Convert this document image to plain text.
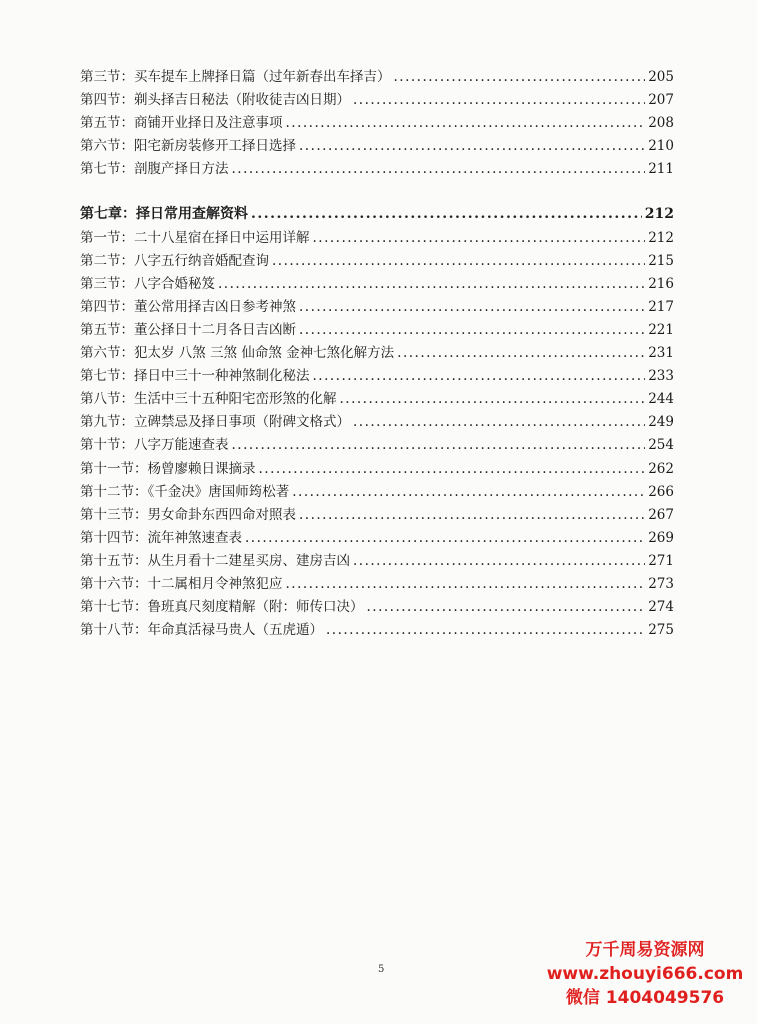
第三节：买车提车上牌择日篇（过年新春出车择吉） .....	205
第四节：剃头择吉日秘法（附收徒吉凶日期） .....	207
第五节：商铺开业择日及注意事项 .....	208
第六节：阳宅新房装修开工择日选择 .....	210
第七节：剖腹产择日方法 .....	211
第七章：择日常用查解资料 .....	212
第一节：二十八星宿在择日中运用详解 .....	212
第二节：八字五行纳音婚配查询 .....	215
第三节：八字合婚秘笈 .....	216
第四节：董公常用择吉凶日参考神煞 .....	217
第五节：董公择日十二月各日吉凶断 .....	221
第六节：犯太岁 八煞 三煞 仙命煞 金神七煞化解方法 .....	231
第七节：择日中三十一种神煞制化秘法 .....	233
第八节：生活中三十五种阳宅峦形煞的化解 .....	244
第九节：立碑禁忌及择日事项（附碑文格式） .....	249
第十节：八字万能速查表 .....	254
第十一节：杨曾廖赖日课摘录 .....	262
第十二节：《千金决》唐国师筠松著 .....	266
第十三节：男女命卦东西四命对照表 .....	267
第十四节：流年神煞速查表 .....	269
第十五节：从生月看十二建星买房、建房吉凶 .....	271
第十六节：十二属相月令神煞犯应 .....	273
第十七节：鲁班真尺刻度精解（附：师传口决） .....	274
第十八节：年命真活禄马贵人（五虎遁） .....	275
5
万千周易资源网
www.zhouyi666.com
微信 1404049576
